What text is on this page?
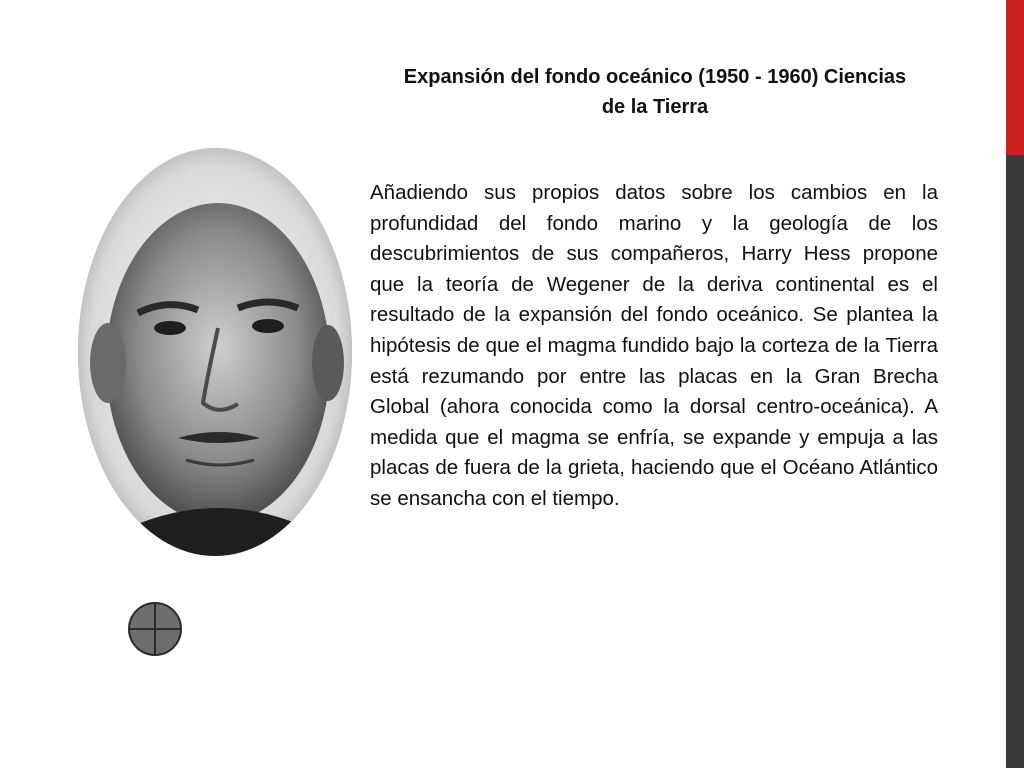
Expansión del fondo oceánico (1950 - 1960) Ciencias de la Tierra
Añadiendo sus propios datos sobre los cambios en la profundidad del fondo marino y la geología de los descubrimientos de sus compañeros, Harry Hess propone que la teoría de Wegener de la deriva continental es el resultado de la expansión del fondo oceánico. Se plantea la hipótesis de que el magma fundido bajo la corteza de la Tierra está rezumando por entre las placas en la Gran Brecha Global (ahora conocida como la dorsal centro-oceánica). A medida que el magma se enfría, se expande y empuja a las placas de fuera de la grieta, haciendo que el Océano Atlántico se ensancha con el tiempo.
